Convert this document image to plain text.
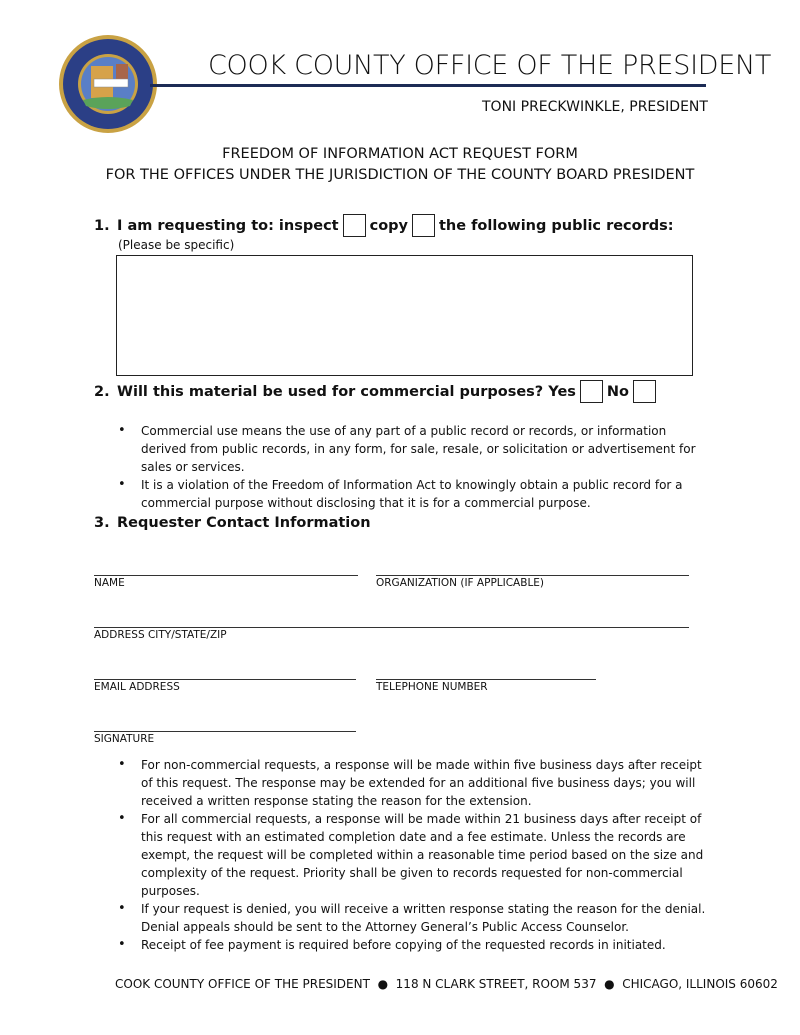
COOK COUNTY OFFICE OF THE PRESIDENT
TONI PRECKWINKLE, PRESIDENT
FREEDOM OF INFORMATION ACT REQUEST FORM
FOR THE OFFICES UNDER THE JURISDICTION OF THE COUNTY BOARD PRESIDENT
1. I am requesting to: inspect copy the following public records:
(Please be specific)
2. Will this material be used for commercial purposes?
Yes No
• Commercial use means the use of any part of a public record or records, or information derived from public records, in any form, for sale, resale, or solicitation or advertisement for sales or services.
• It is a violation of the Freedom of Information Act to knowingly obtain a public record for a commercial purpose without disclosing that it is for a commercial purpose.
3. Requester Contact Information
NAME	ORGANIZATION (IF APPLICABLE)
ADDRESS CITY/STATE/ZIP
EMAIL ADDRESS	TELEPHONE NUMBER
SIGNATURE
• For non-commercial requests, a response will be made within five business days after receipt of this request. The response may be extended for an additional five business days; you will received a written response stating the reason for the extension.
• For all commercial requests, a response will be made within 21 business days after receipt of this request with an estimated completion date and a fee estimate. Unless the records are exempt, the request will be completed within a reasonable time period based on the size and complexity of the request. Priority shall be given to records requested for non-commercial purposes.
• If your request is denied, you will receive a written response stating the reason for the denial. Denial appeals should be sent to the Attorney General’s Public Access Counselor.
• Receipt of fee payment is required before copying of the requested records in initiated.
COOK COUNTY OFFICE OF THE PRESIDENT  ●  118 N CLARK STREET, ROOM 537  ●  CHICAGO, ILLINOIS 60602
